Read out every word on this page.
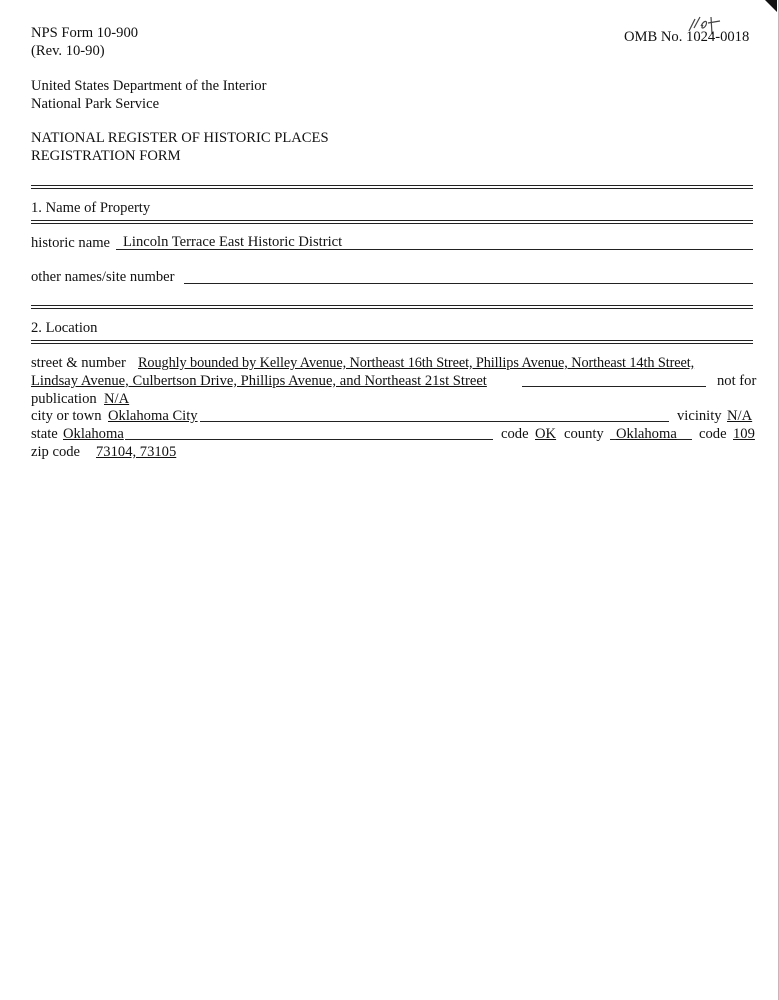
NPS Form 10-900
(Rev. 10-90)
OMB No. 1024-0018
United States Department of the Interior
National Park Service
NATIONAL REGISTER OF HISTORIC PLACES
REGISTRATION FORM
1. Name of Property
historic name Lincoln Terrace East Historic District
other names/site number
2. Location
street & number Roughly bounded by Kelley Avenue, Northeast 16th Street, Phillips Avenue, Northeast 14th Street,
Lindsay Avenue, Culbertson Drive, Phillips Avenue, and Northeast 21st Street	not for
publication N/A
city or town Oklahoma City	vicinity N/A
state Oklahoma	code OK county Oklahoma code 109
zip code 73104, 73105
